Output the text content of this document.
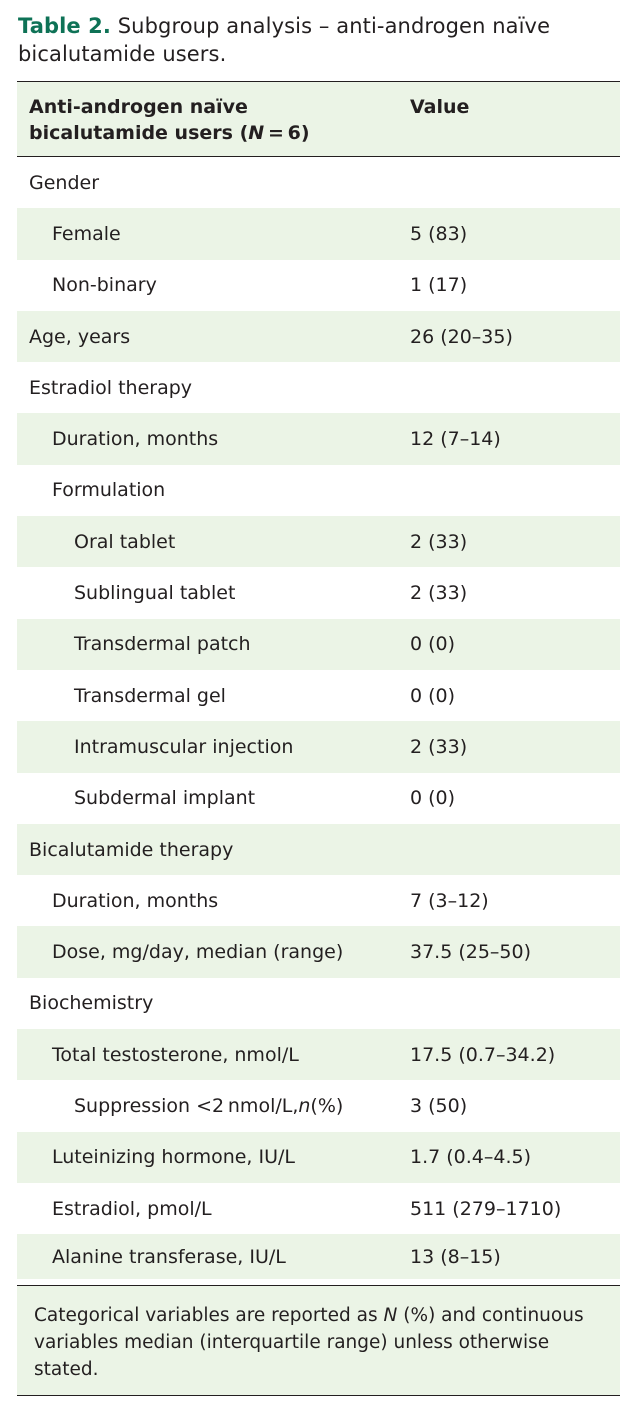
Table 2. Subgroup analysis – anti-androgen naïve bicalutamide users.
Anti-androgen naïve bicalutamide users (N = 6)
Value
Gender
Female	5 (83)
Non-binary	1 (17)
Age, years	26 (20–35)
Estradiol therapy
Duration, months	12 (7–14)
Formulation
Oral tablet	2 (33)
Sublingual tablet	2 (33)
Transdermal patch	0 (0)
Transdermal gel	0 (0)
Intramuscular injection	2 (33)
Subdermal implant	0 (0)
Bicalutamide therapy
Duration, months	7 (3–12)
Dose, mg/day, median (range)	37.5 (25–50)
Biochemistry
Total testosterone, nmol/L	17.5 (0.7–34.2)
Suppression <2 nmol/L, n (%)	3 (50)
Luteinizing hormone, IU/L	1.7 (0.4–4.5)
Estradiol, pmol/L	511 (279–1710)
Alanine transferase, IU/L	13 (8–15)
Categorical variables are reported as N (%) and continuous variables median (interquartile range) unless otherwise stated.
